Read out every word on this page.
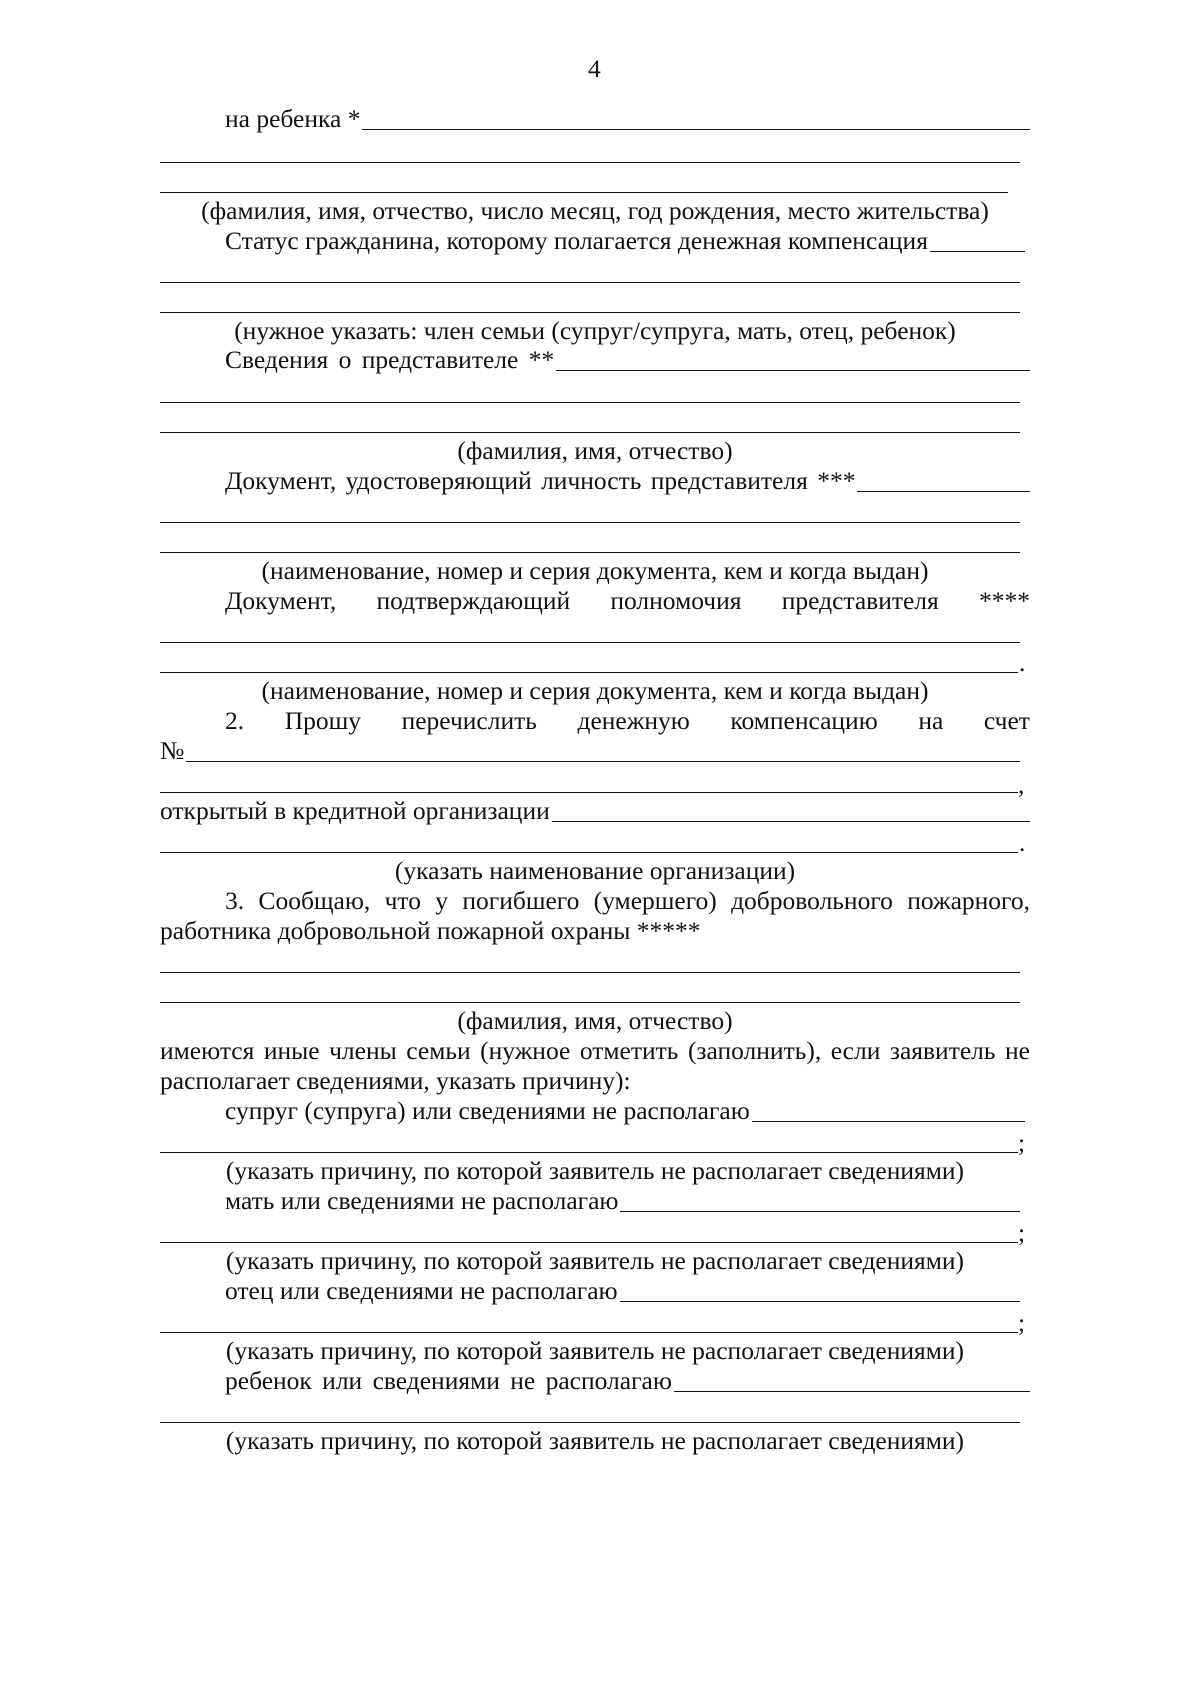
4
на ребенка *
(фамилия, имя, отчество, число месяц, год рождения, место жительства)
Статус гражданина, которому полагается денежная компенсация
(нужное указать: член семьи (супруг/супруга, мать, отец, ребенок)
Сведения о представителе **
(фамилия, имя, отчество)
Документ, удостоверяющий личность представителя ***
(наименование, номер и серия документа, кем и когда выдан)
Документ, подтверждающий полномочия представителя ****
.
(наименование, номер и серия документа, кем и когда выдан)
2. Прошу перечислить денежную компенсацию на счет
№
,
открытый в кредитной организации
.
(указать наименование организации)
3. Сообщаю, что у погибшего (умершего) добровольного пожарного,
работника добровольной пожарной охраны *****
(фамилия, имя, отчество)
имеются иные члены семьи (нужное отметить (заполнить), если заявитель не
располагает сведениями, указать причину):
супруг (супруга) или сведениями не располагаю
;
(указать причину, по которой заявитель не располагает сведениями)
мать или сведениями не располагаю
;
(указать причину, по которой заявитель не располагает сведениями)
отец или сведениями не располагаю
;
(указать причину, по которой заявитель не располагает сведениями)
ребенок или сведениями не располагаю
(указать причину, по которой заявитель не располагает сведениями)
